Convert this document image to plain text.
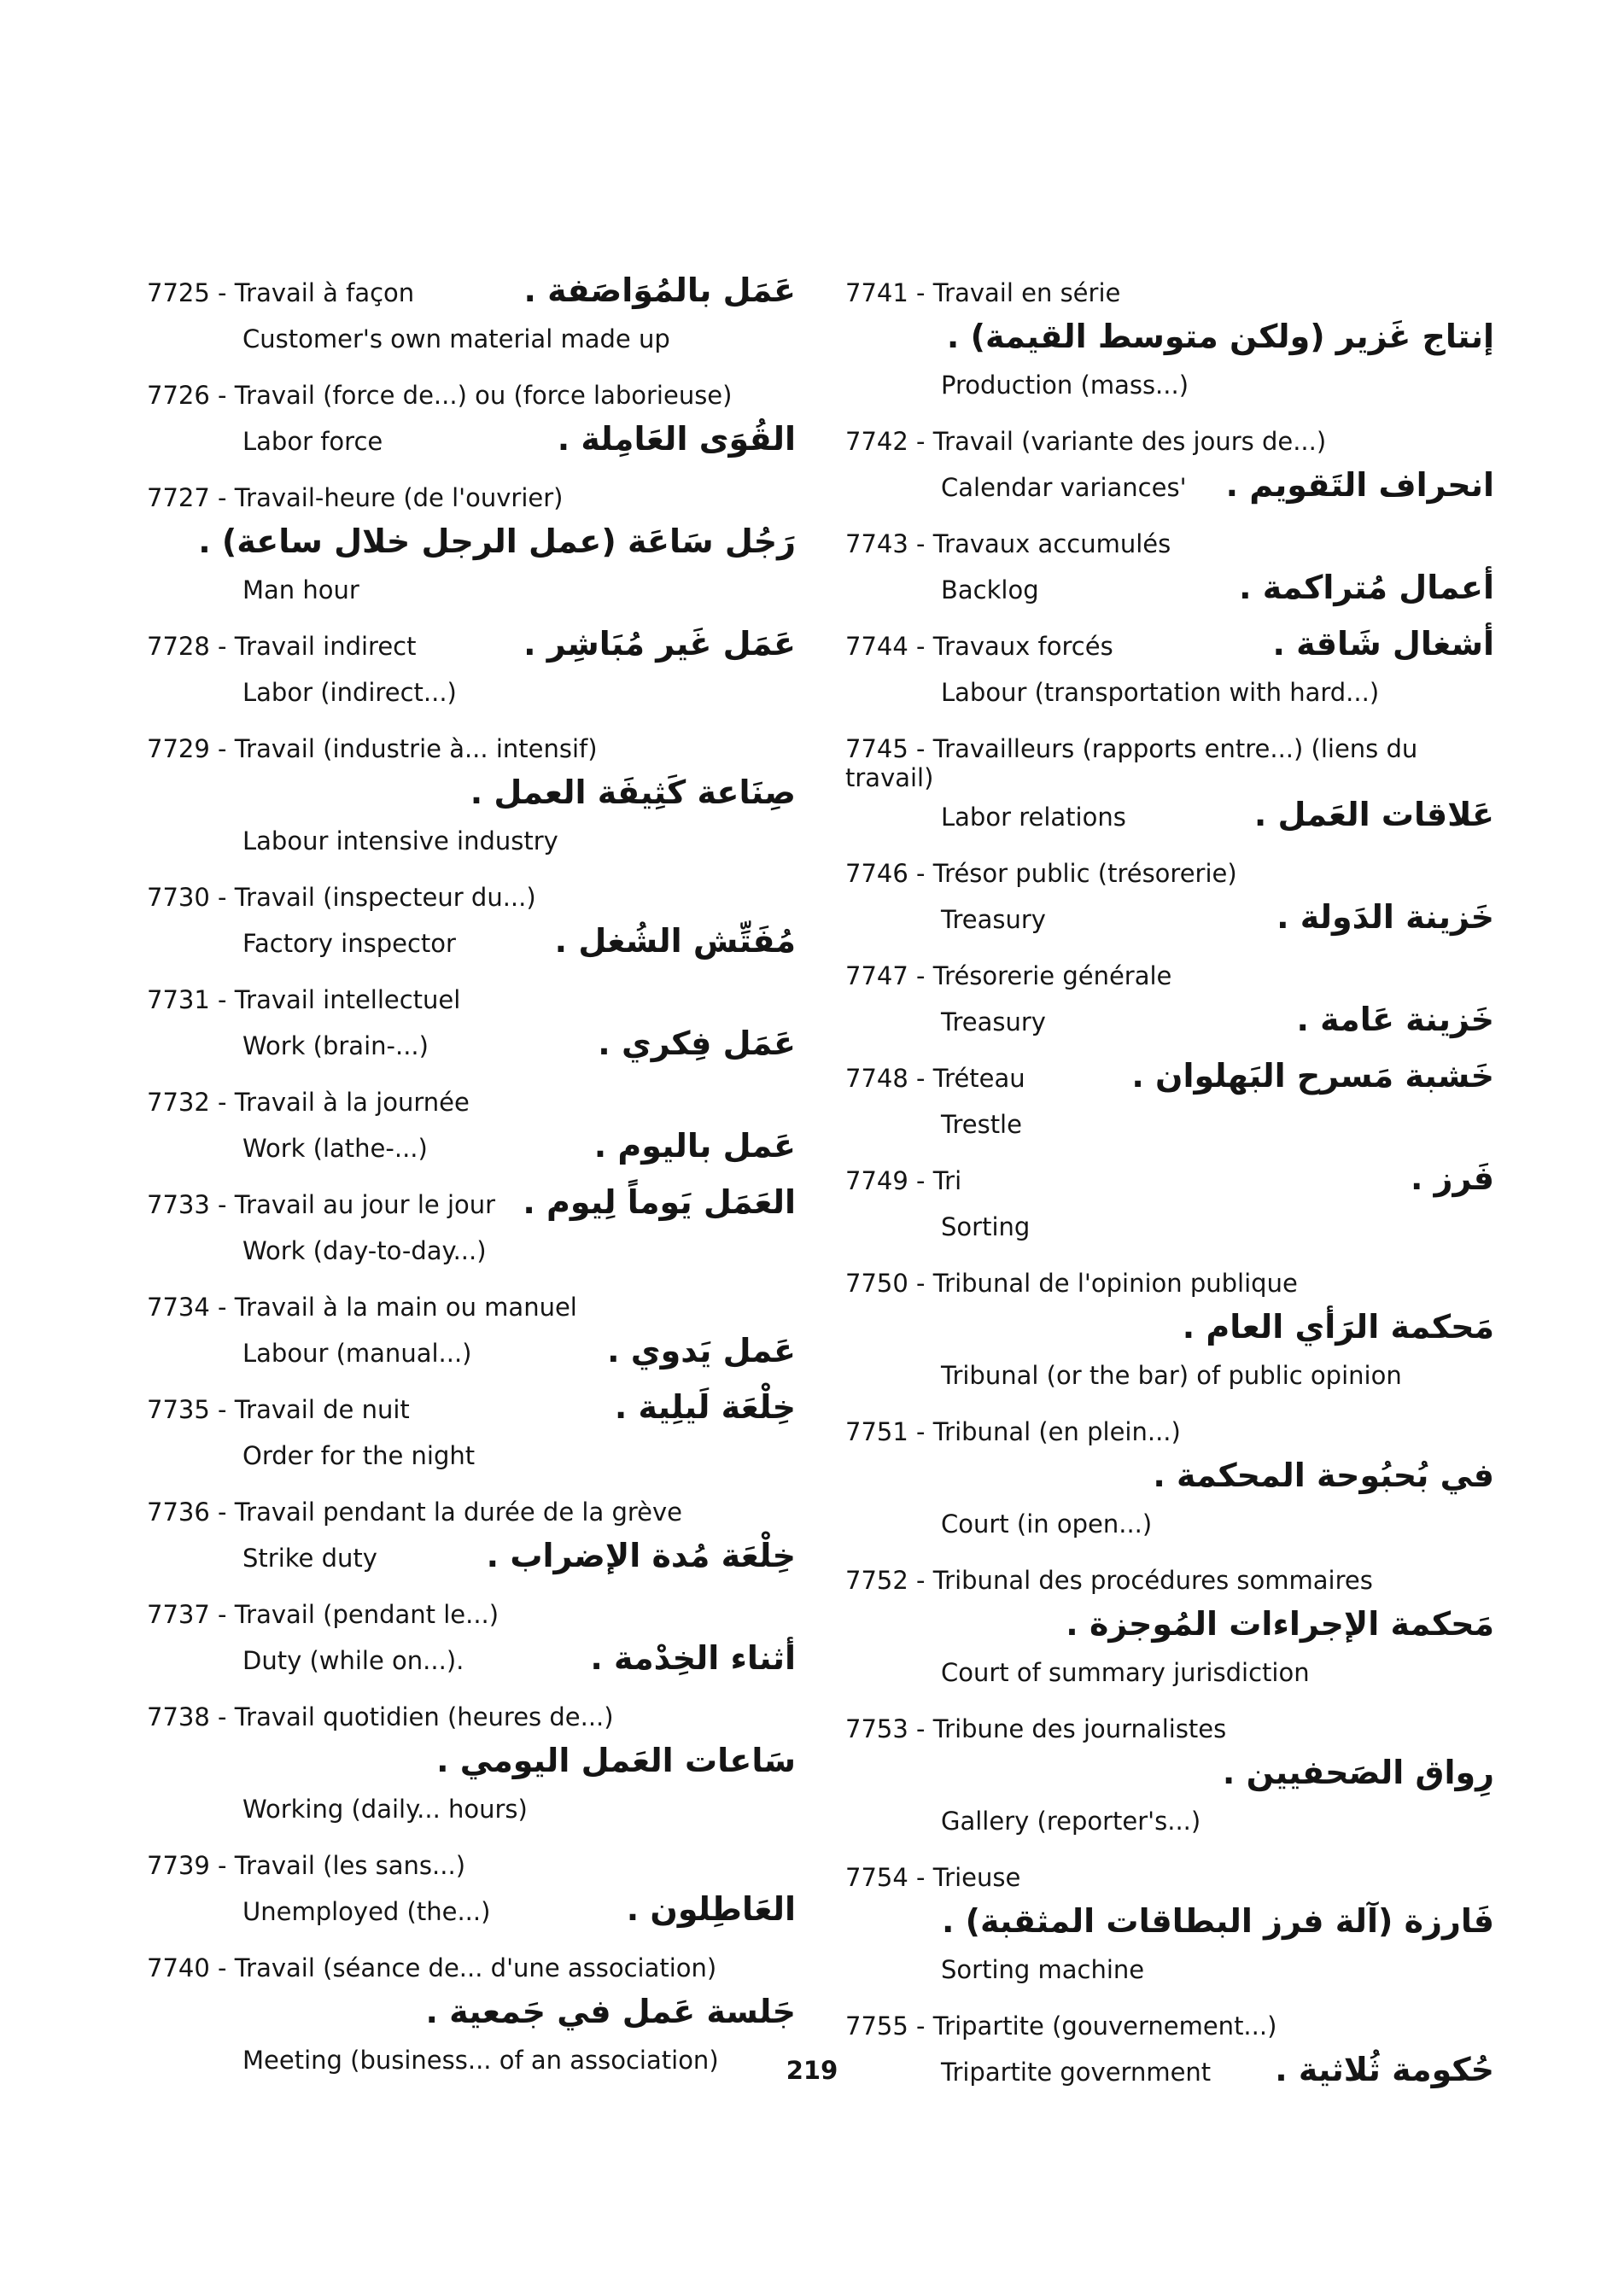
7725 - Travail à façon	عَمَل بالمُوَاصَفة .
Customer's own material made up
7726 - Travail (force de...) ou (force laborieuse)
القُوَى العَامِلة .
Labor force
7727 - Travail-heure (de l'ouvrier)
رَجُل سَاعَة (عمل الرجل خلال ساعة) .
Man hour
7728 - Travail indirect	عَمَل غَير مُبَاشِر .
Labor (indirect...)
7729 - Travail (industrie à... intensif)
صِنَاعة كَثِيفَة العمل .
Labour intensive industry
7730 - Travail (inspecteur du...)
مُفَتِّش الشُغل .
Factory inspector
7731 - Travail intellectuel
عَمَل فِكري .
Work (brain-...)
7732 - Travail à la journée
عَمل باليوم .
Work (lathe-...)
7733 - Travail au jour le jour العَمَل يَوماً لِيوم .
Work (day-to-day...)
7734 - Travail à la main ou manuel
عَمل يَدوي .
Labour (manual...)
7735 - Travail de nuit	خِلْعَة لَيلِية .
Order for the night
7736 - Travail pendant la durée de la grève
خِلْعَة مُدة الإضراب .
Strike duty
7737 - Travail (pendant le...)
أثناء الخِدْمة .
Duty (while on...).
7738 - Travail quotidien (heures de...)
سَاعات العَمل اليومي .
Working (daily... hours)
7739 - Travail (les sans...)
العَاطِلون .
Unemployed (the...)
7740 - Travail (séance de... d'une association)
جَلسة عَمل في جَمعية .
Meeting (business... of an association)
7741 - Travail en série
إنتاج غَزير (ولكن متوسط القيمة) .
Production (mass...)
7742 - Travail (variante des jours de...)
انحراف التَقويم .
Calendar variances'
7743 - Travaux accumulés
أعمال مُتراكمة .
Backlog
7744 - Travaux forcés	أشغال شَاقة .
Labour (transportation with hard...)
7745 - Travailleurs (rapports entre...) (liens du travail)
عَلاقات العَمل .
Labor relations
7746 - Trésor public (trésorerie)
خَزينة الدَولة .
Treasury
7747 - Trésorerie générale
خَزينة عَامة .
Treasury
7748 - Tréteau	خَشبة مَسرح البَهلوان .
Trestle
7749 - Tri	فَرز .
Sorting
7750 - Tribunal de l'opinion publique
مَحكمة الرَأي العام .
Tribunal (or the bar) of public opinion
7751 - Tribunal (en plein...)
في بُحبُوحة المحكمة .
Court (in open...)
7752 - Tribunal des procédures sommaires
مَحكمة الإجراءات المُوجزة .
Court of summary jurisdiction
7753 - Tribune des journalistes
رِواق الصَحفيين .
Gallery (reporter's...)
7754 - Trieuse
فَارزة (آلة فرز البطاقات المثقبة) .
Sorting machine
7755 - Tripartite (gouvernement...)
حُكومة ثُلاثية .
Tripartite government
219
